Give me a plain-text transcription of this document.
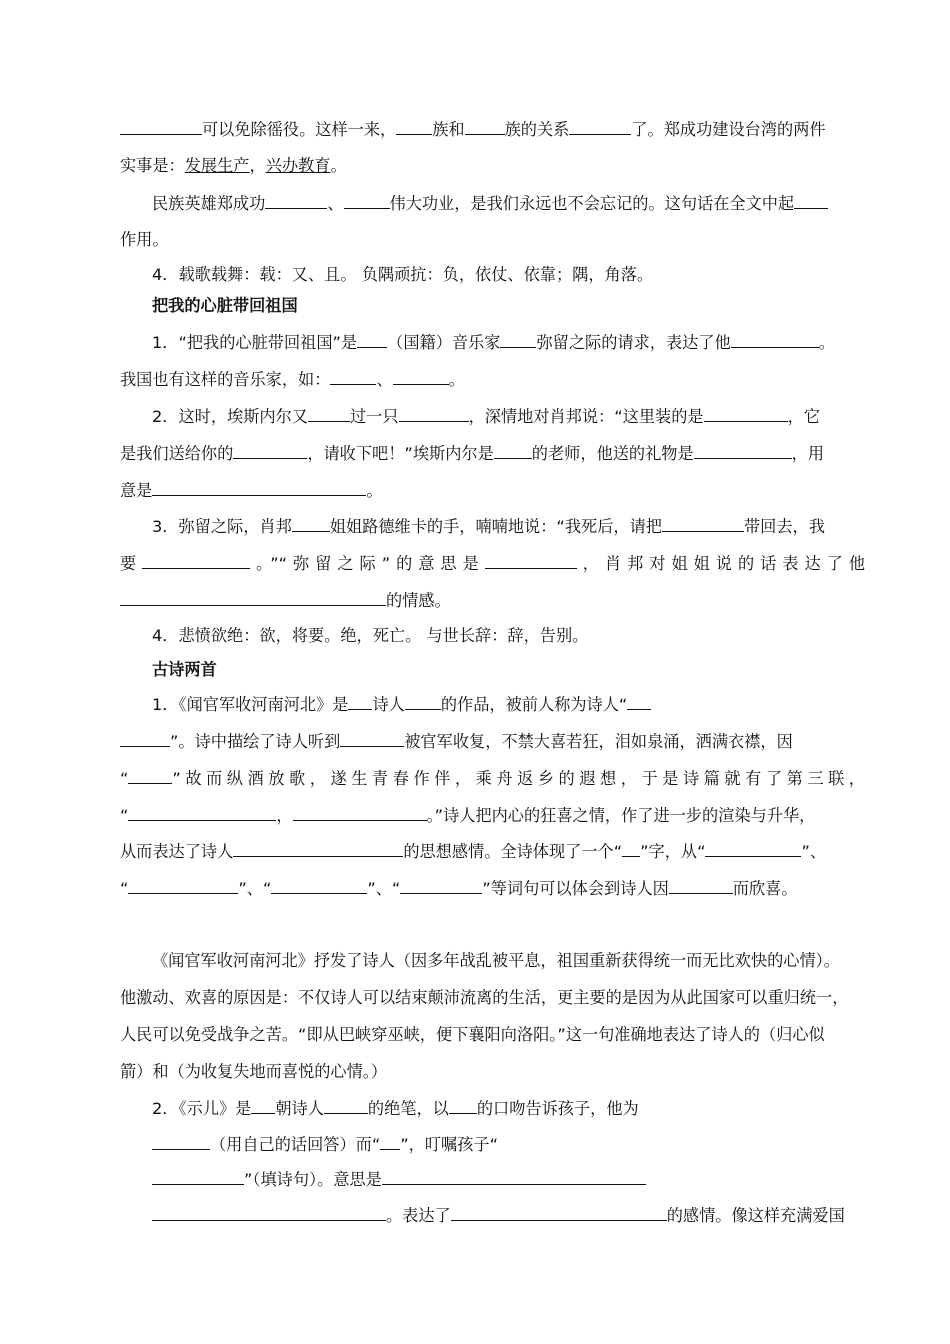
可以免除徭役。这样一来， 族和 族的关系	了。郑成功建设台湾的两件
实事是：发展生产，兴办教育。
民族英雄郑成功	、	伟大功业，是我们永远也不会忘记的。这句话在全文中起
作用。
4．载歌载舞：载：又、且。 负隅顽抗：负，依仗、依靠；隅，角落。
把我的心脏带回祖国
1．“把我的心脏带回祖国”是 （国籍）音乐家 弥留之际的请求，表达了他	。
我国也有这样的音乐家，如：	、	。
2．这时，埃斯内尔又	过一只	，深情地对肖邦说：“这里装的是	，它
是我们送给你的	，请收下吧！”埃斯内尔是 的老师，他送的礼物是	，用
意是	。
3．弥留之际，肖邦 姐姐路德维卡的手，喃喃地说：“我死后，请把	带回去，我
要	。”“弥留之际”的意思是	，肖邦对姐姐说的话表达了他
的情感。
4．悲愤欲绝：欲，将要。绝，死亡。 与世长辞：辞，告别。
古诗两首
1．《闻官军收河南河北》是 诗人 的作品，被前人称为诗人“
”。诗中描绘了诗人听到	被官军收复，不禁大喜若狂，泪如泉涌，洒满衣襟，因
“	”故而纵酒放歌，遂生青春作伴，乘舟返乡的遐想，于是诗篇就有了第三联，
“	，	。”诗人把内心的狂喜之情，作了进一步的渲染与升华，
从而表达了诗人	的思想感情。全诗体现了一个“ ”字，从“	”、
“	”、“	”、“	”等词句可以体会到诗人因	而欣喜。
《闻官军收河南河北》抒发了诗人（因多年战乱被平息，祖国重新获得统一而无比欢快的心情）。
他激动、欢喜的原因是：不仅诗人可以结束颠沛流离的生活，更主要的是因为从此国家可以重归统一，
人民可以免受战争之苦。“即从巴峡穿巫峡，便下襄阳向洛阳。”这一句准确地表达了诗人的（归心似
箭）和（为收复失地而喜悦的心情。）
2．《示儿》是 朝诗人	的绝笔，以 的口吻告诉孩子，他为
（用自己的话回答）而“ ”，叮嘱孩子“
”（填诗句）。意思是
。表达了	的感情。像这样充满爱国
